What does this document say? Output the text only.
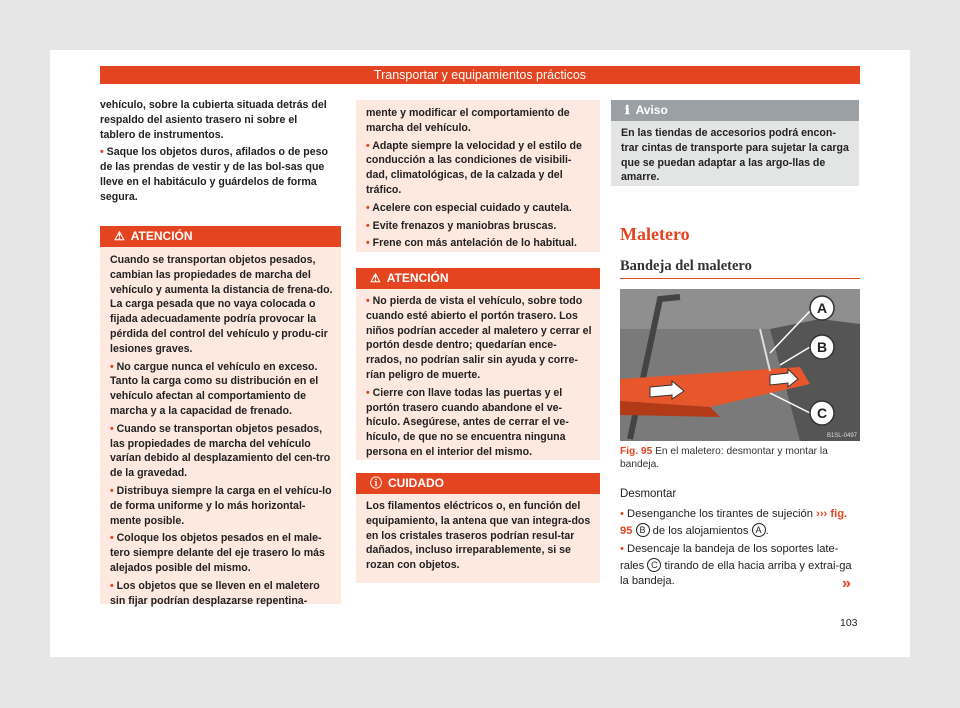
Transportar y equipamientos prácticos

vehículo, sobre la cubierta situada detrás del respaldo del asiento trasero ni sobre el tablero de instrumentos.

• Saque los objetos duros, afilados o de peso de las prendas de vestir y de las bol-sas que lleve en el habitáculo y guárdelos de forma segura.

⚠ ATENCIÓN

Cuando se transportan objetos pesados, cambian las propiedades de marcha del vehículo y aumenta la distancia de frena-do. La carga pesada que no vaya colocada o fijada adecuadamente podría provocar la pérdida del control del vehículo y produ-cir lesiones graves.

• No cargue nunca el vehículo en exceso. Tanto la carga como su distribución en el vehículo afectan al comportamiento de marcha y a la capacidad de frenado.

• Cuando se transportan objetos pesados, las propiedades de marcha del vehículo varían debido al desplazamiento del cen-tro de la gravedad.

• Distribuya siempre la carga en el vehícu-lo de forma uniforme y lo más horizontal-mente posible.

• Coloque los objetos pesados en el male-tero siempre delante del eje trasero lo más alejados posible del mismo.

• Los objetos que se lleven en el maletero sin fijar podrían desplazarse repentina-

mente y modificar el comportamiento de marcha del vehículo.

• Adapte siempre la velocidad y el estilo de conducción a las condiciones de visibili-dad, climatológicas, de la calzada y del tráfico.

• Acelere con especial cuidado y cautela.

• Evite frenazos y maniobras bruscas.

• Frene con más antelación de lo habitual.

⚠ ATENCIÓN

• No pierda de vista el vehículo, sobre todo cuando esté abierto el portón trasero. Los niños podrían acceder al maletero y cerrar el portón desde dentro; quedarían ence-rrados, no podrían salir sin ayuda y corre-rían peligro de muerte.

• Cierre con llave todas las puertas y el portón trasero cuando abandone el ve-hículo. Asegúrese, antes de cerrar el ve-hículo, de que no se encuentra ninguna persona en el interior del mismo.

ⓘ CUIDADO

Los filamentos eléctricos o, en función del equipamiento, la antena que van integra-dos en los cristales traseros podrían resul-tar dañados, incluso irreparablemente, si se rozan con objetos.

ℹ Aviso

En las tiendas de accesorios podrá encon-trar cintas de transporte para sujetar la carga que se puedan adaptar a las argo-llas de amarre.

Maletero
Bandeja del maletero
A
B
C
B1SL-0497
Fig. 95 En el maletero: desmontar y montar la bandeja.
Desmontar

• Desenganche los tirantes de sujeción ››› fig. 95 B de los alojamientos A .

• Desencaje la bandeja de los soportes late-rales C tirando de ella hacia arriba y extrai-ga la bandeja.	»
103
